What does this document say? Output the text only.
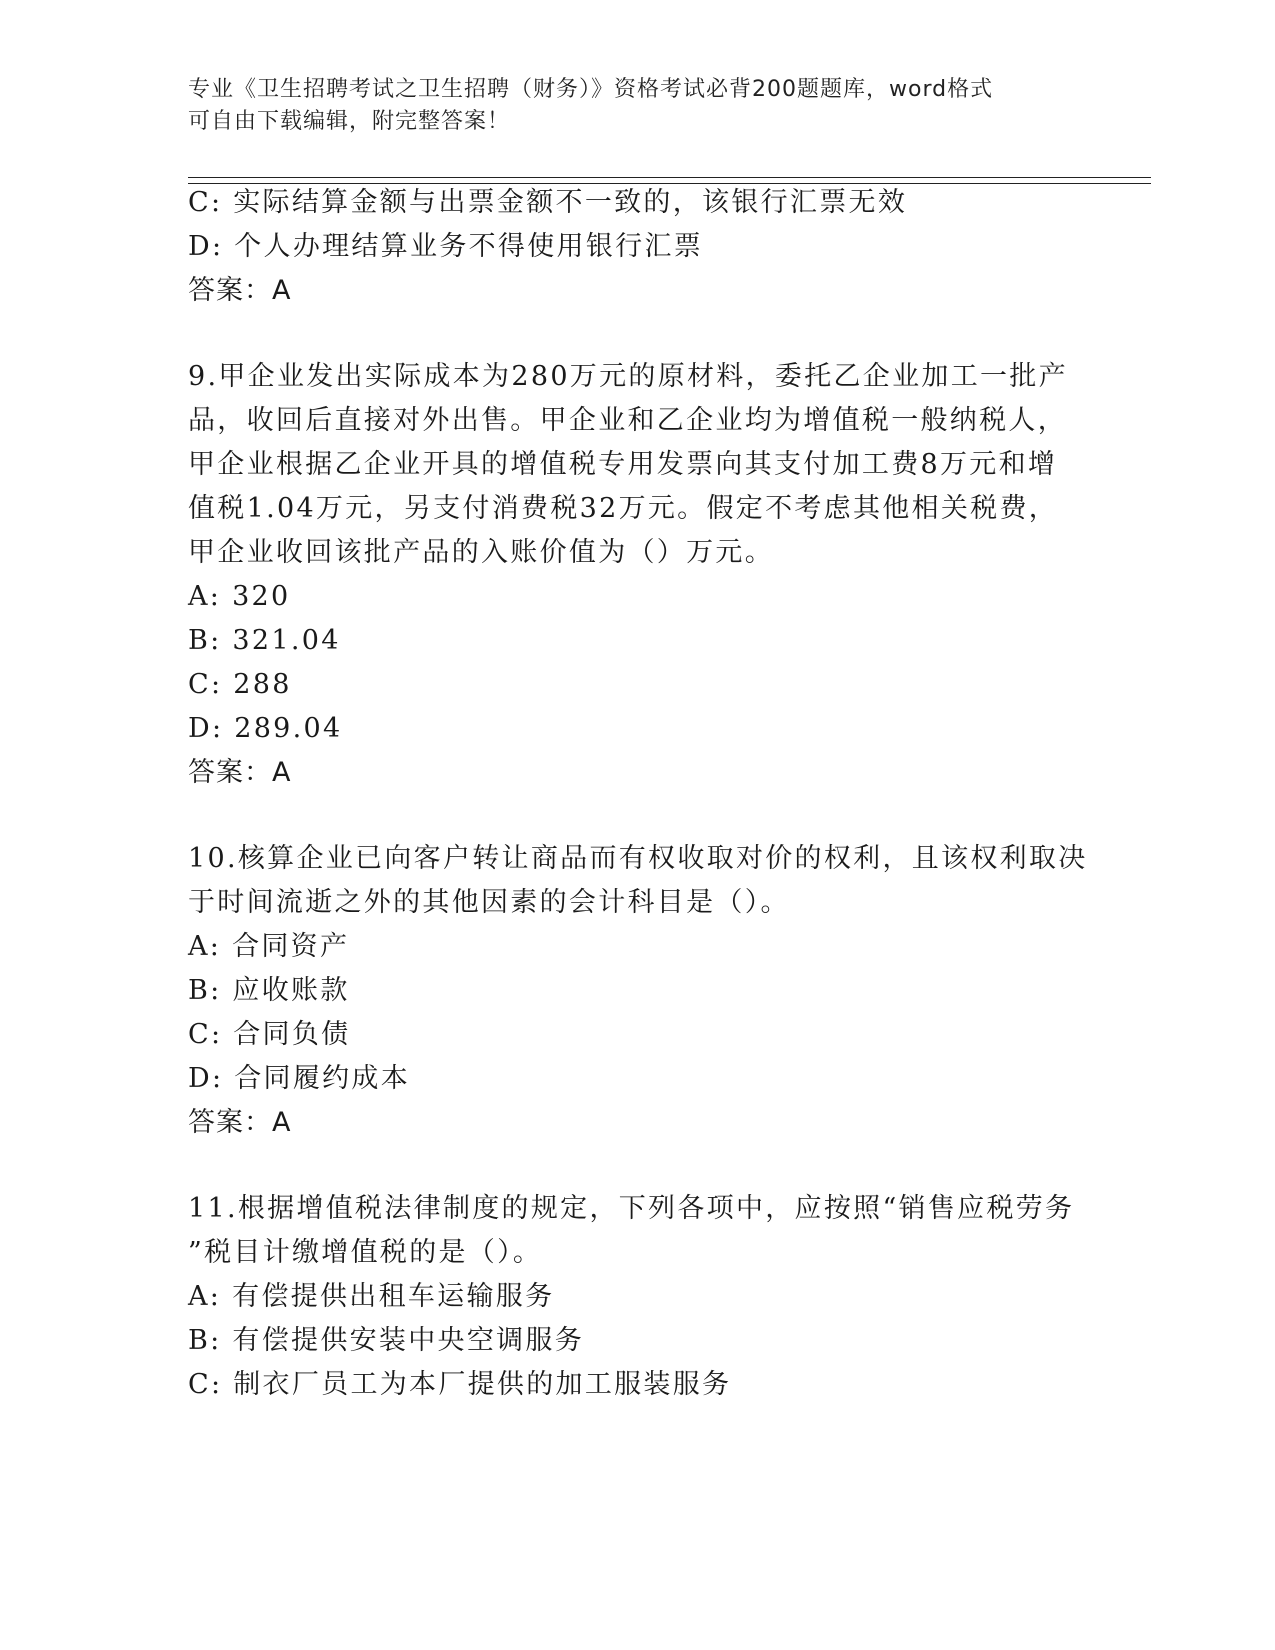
专业《卫生招聘考试之卫生招聘（财务）》资格考试必背200题题库，word格式
可自由下载编辑，附完整答案！
C: 实际结算金额与出票金额不一致的，该银行汇票无效
D: 个人办理结算业务不得使用银行汇票
答案：A
9.甲企业发出实际成本为280万元的原材料，委托乙企业加工一批产
品，收回后直接对外出售。甲企业和乙企业均为增值税一般纳税人，
甲企业根据乙企业开具的增值税专用发票向其支付加工费8万元和增
值税1.04万元，另支付消费税32万元。假定不考虑其他相关税费，
甲企业收回该批产品的入账价值为（）万元。
A: 320
B: 321.04
C: 288
D: 289.04
答案：A
10.核算企业已向客户转让商品而有权收取对价的权利，且该权利取决
于时间流逝之外的其他因素的会计科目是（）。
A: 合同资产
B: 应收账款
C: 合同负债
D: 合同履约成本
答案：A
11.根据增值税法律制度的规定，下列各项中，应按照“销售应税劳务
”税目计缴增值税的是（）。
A: 有偿提供出租车运输服务
B: 有偿提供安装中央空调服务
C: 制衣厂员工为本厂提供的加工服装服务
